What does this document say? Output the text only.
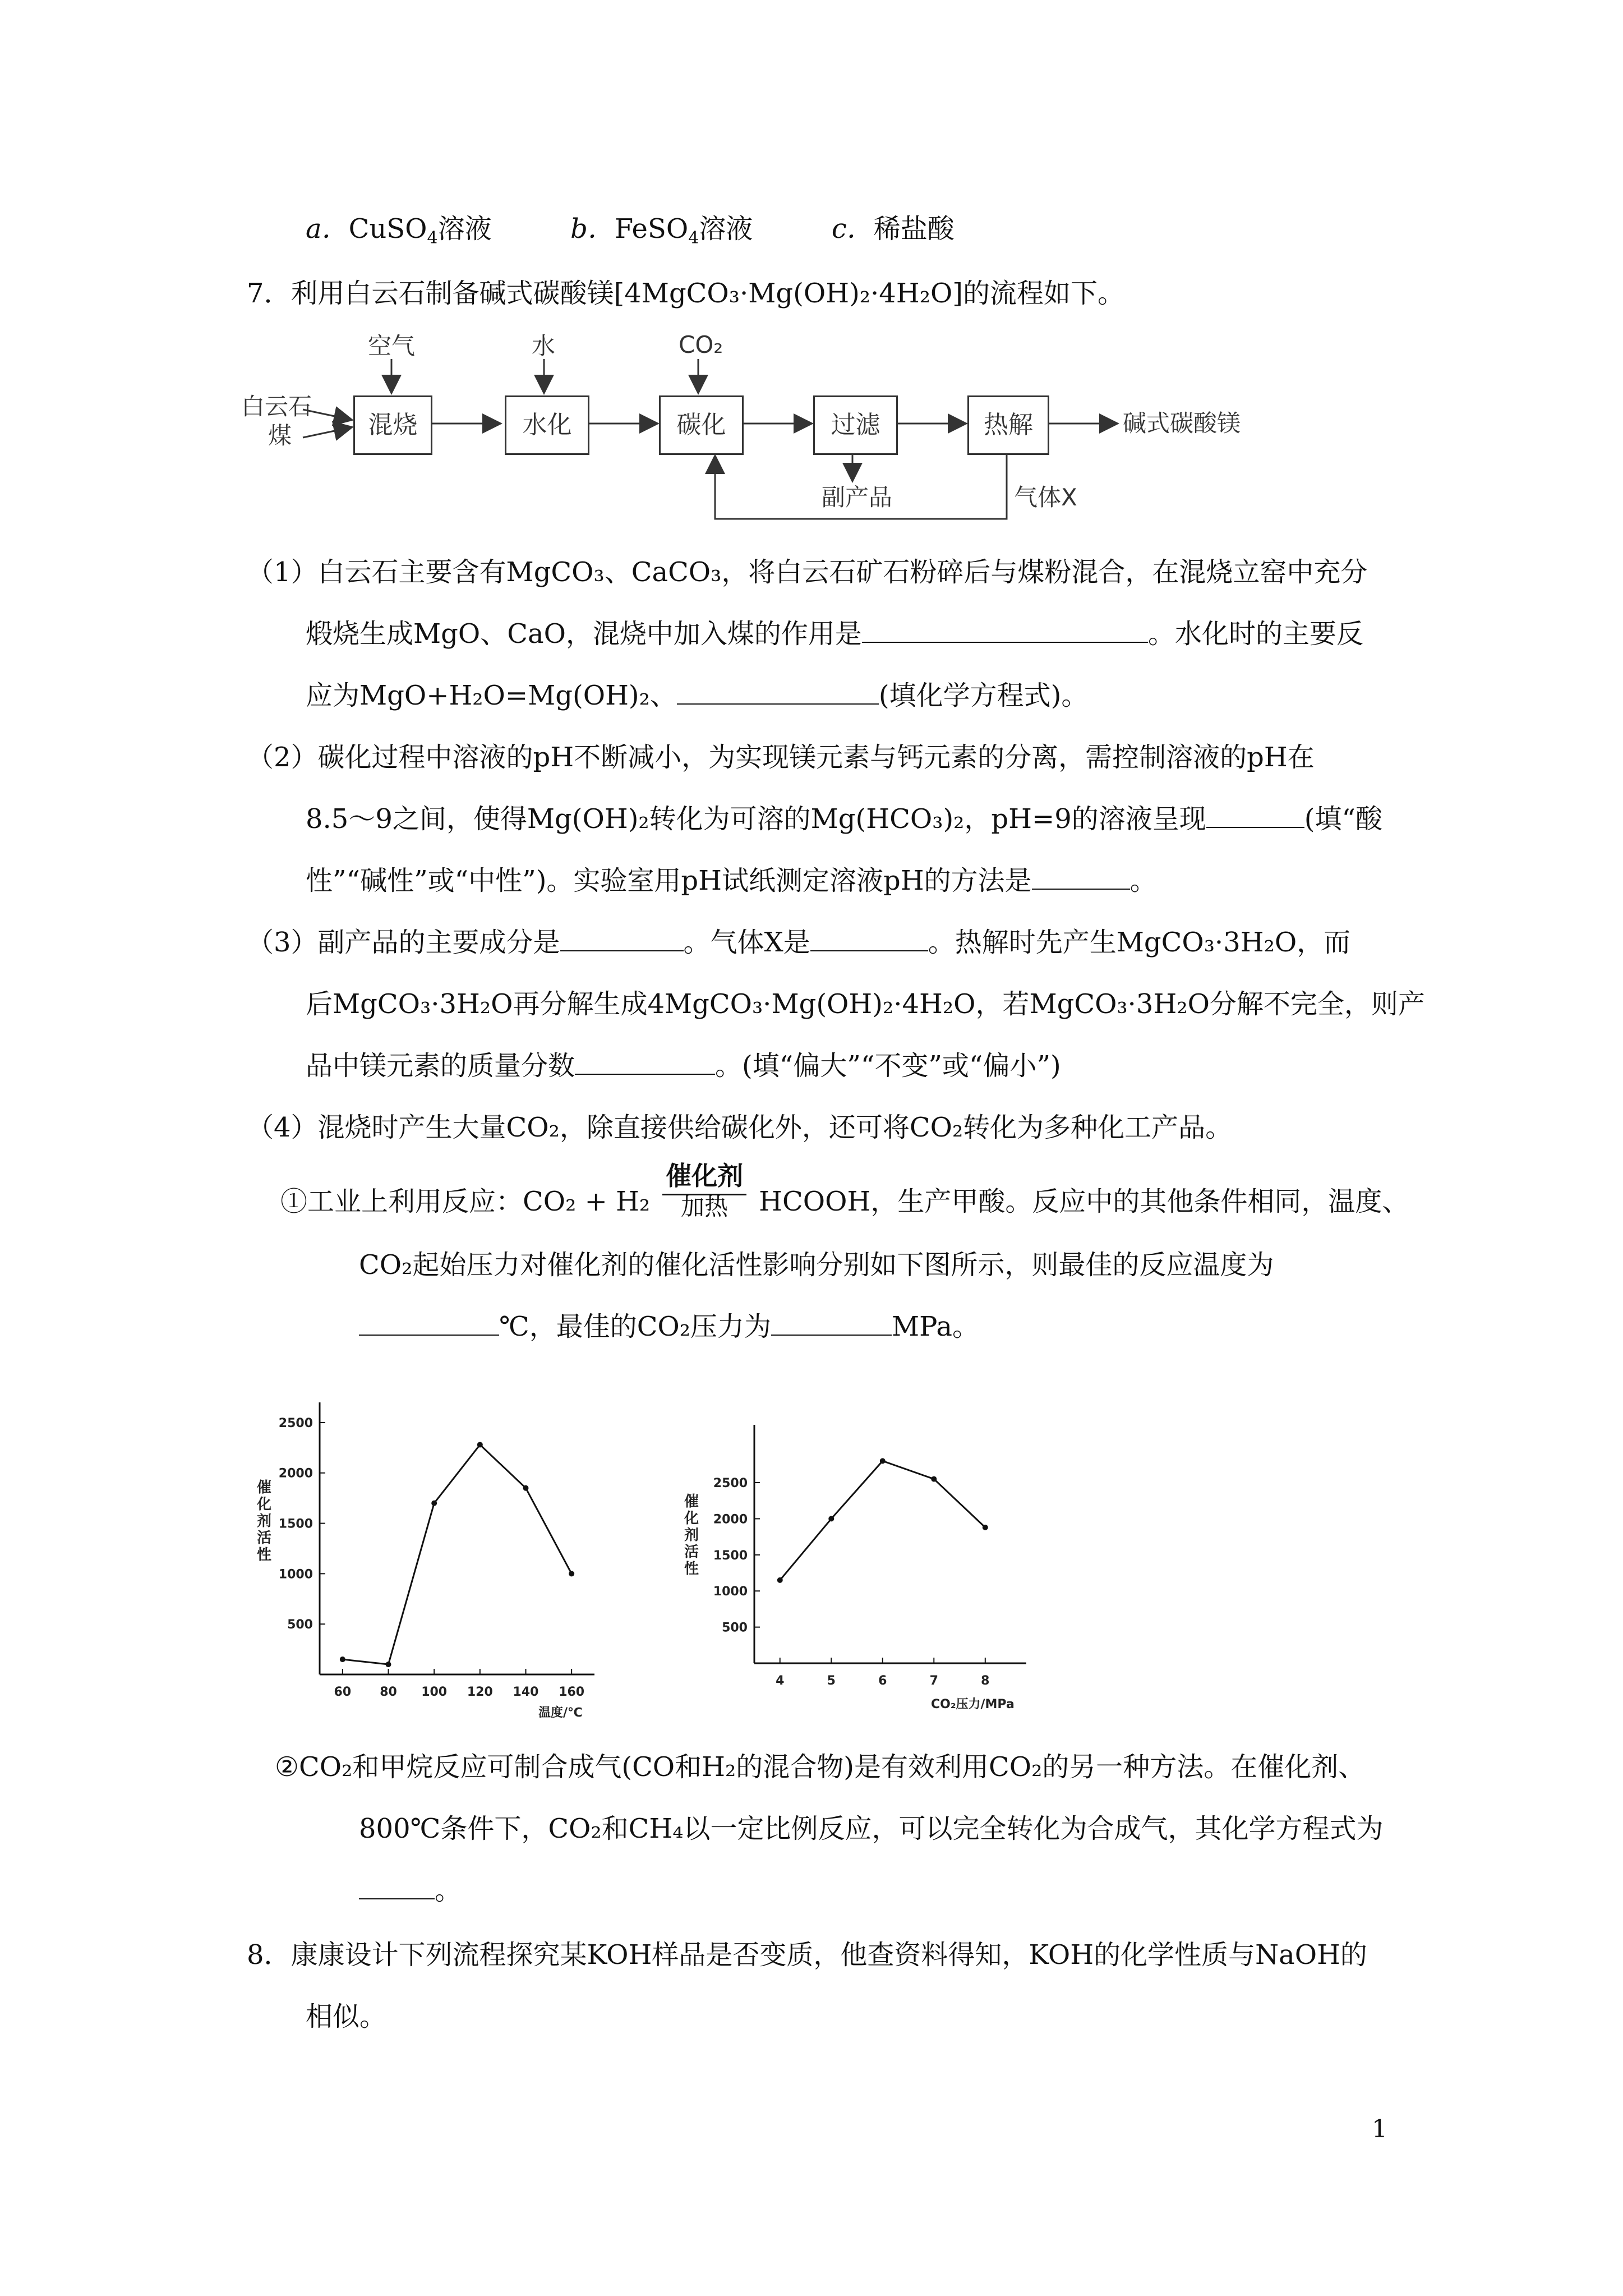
a．CuSO$_4$溶液	b．FeSO$_4$溶液	c．稀盐酸
7．利用白云石制备碱式碳酸镁[4MgCO₃·Mg(OH)₂·4H₂O]的流程如下。
白云石
煤	混烧	水化	碳化	过滤	热解
空气	水	CO₂
碱式碳酸镁
副产品	气体X
（1）白云石主要含有MgCO₃、CaCO₃，将白云石矿石粉碎后与煤粉混合，在混烧立窑中充分
煅烧生成MgO、CaO，混烧中加入煤的作用是	。水化时的主要反
应为MgO+H₂O=Mg(OH)₂、	(填化学方程式)。
（2）碳化过程中溶液的pH不断减小，为实现镁元素与钙元素的分离，需控制溶液的pH在
8.5～9之间，使得Mg(OH)₂转化为可溶的Mg(HCO₃)₂，pH=9的溶液呈现	(填“酸
性”“碱性”或“中性”)。实验室用pH试纸测定溶液pH的方法是	。
（3）副产品的主要成分是	。气体X是	。热解时先产生MgCO₃·3H₂O，而
后MgCO₃·3H₂O再分解生成4MgCO₃·Mg(OH)₂·4H₂O，若MgCO₃·3H₂O分解不完全，则产
品中镁元素的质量分数	。(填“偏大”“不变”或“偏小”)
（4）混烧时产生大量CO₂，除直接供给碳化外，还可将CO₂转化为多种化工产品。
①工业上利用反应：CO₂ + H₂
催化剂
加热	HCOOH，生产甲酸。反应中的其他条件相同，温度、
CO₂起始压力对催化剂的催化活性影响分别如下图所示，则最佳的反应温度为
℃，最佳的CO₂压力为	MPa。
催化剂活性
500
1000
1500
2000
2500
60 80 100 120 140 160
温度/℃
催化剂活性
500
1000
1500
2000
2500
4	5	6	7	8
CO₂压力/MPa
②CO₂和甲烷反应可制合成气(CO和H₂的混合物)是有效利用CO₂的另一种方法。在催化剂、
800℃条件下，CO₂和CH₄以一定比例反应，可以完全转化为合成气，其化学方程式为
。
8．康康设计下列流程探究某KOH样品是否变质，他查资料得知，KOH的化学性质与NaOH的
相似。
1
